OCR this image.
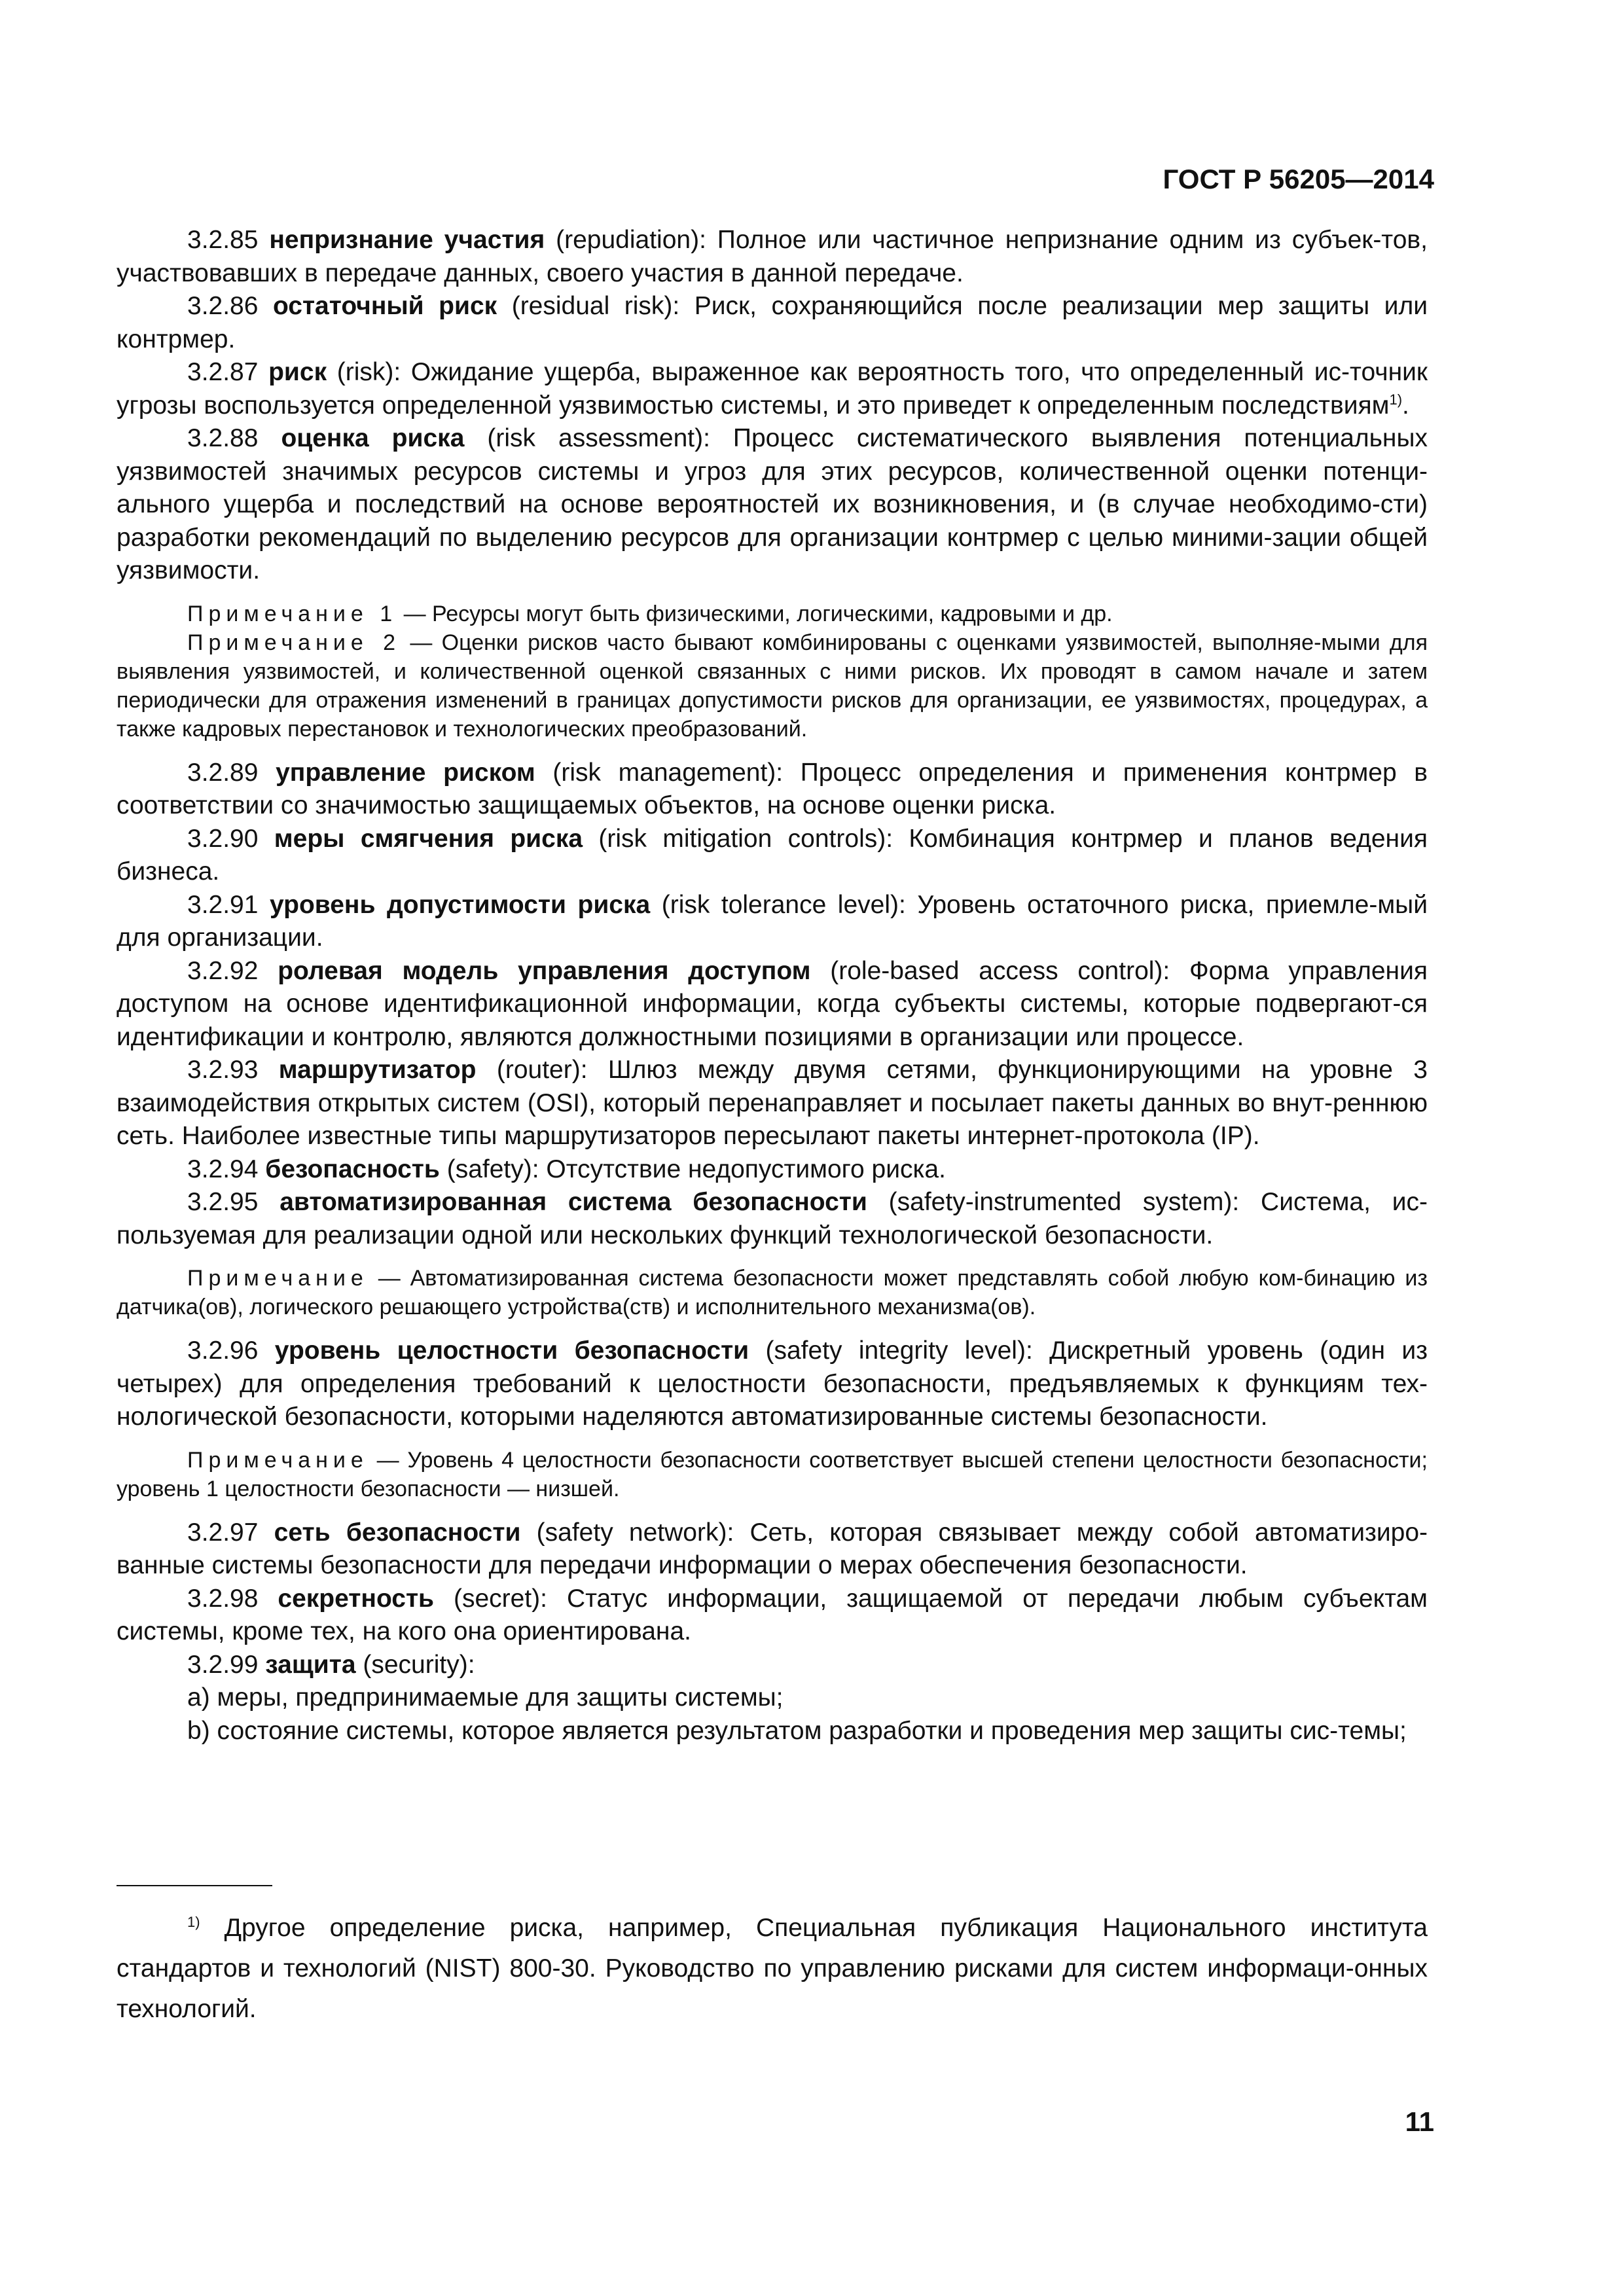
ГОСТ Р 56205—2014

3.2.85 непризнание участия (repudiation): Полное или частичное непризнание одним из субъек-тов, участвовавших в передаче данных, своего участия в данной передаче.

3.2.86 остаточный риск (residual risk): Риск, сохраняющийся после реализации мер защиты или контрмер.

3.2.87 риск (risk): Ожидание ущерба, выраженное как вероятность того, что определенный ис-точник угрозы воспользуется определенной уязвимостью системы, и это приведет к определенным последствиям$^{1)}$.

3.2.88 оценка риска (risk assessment): Процесс систематического выявления потенциальных уязвимостей значимых ресурсов системы и угроз для этих ресурсов, количественной оценки потенци-ального ущерба и последствий на основе вероятностей их возникновения, и (в случае необходимо-сти) разработки рекомендаций по выделению ресурсов для организации контрмер с целью миними-зации общей уязвимости.

Примечание 1 — Ресурсы могут быть физическими, логическими, кадровыми и др.

Примечание 2 — Оценки рисков часто бывают комбинированы с оценками уязвимостей, выполняе-мыми для выявления уязвимостей, и количественной оценкой связанных с ними рисков. Их проводят в самом начале и затем периодически для отражения изменений в границах допустимости рисков для организации, ее уязвимостях, процедурах, а также кадровых перестановок и технологических преобразований.

3.2.89 управление риском (risk management): Процесс определения и применения контрмер в соответствии со значимостью защищаемых объектов, на основе оценки риска.

3.2.90 меры смягчения риска (risk mitigation controls): Комбинация контрмер и планов ведения бизнеса.

3.2.91 уровень допустимости риска (risk tolerance level): Уровень остаточного риска, приемле-мый для организации.

3.2.92 ролевая модель управления доступом (role-based access control): Форма управления доступом на основе идентификационной информации, когда субъекты системы, которые подвергают-ся идентификации и контролю, являются должностными позициями в организации или процессе.

3.2.93 маршрутизатор (router): Шлюз между двумя сетями, функционирующими на уровне 3 взаимодействия открытых систем (OSI), который перенаправляет и посылает пакеты данных во внут-реннюю сеть. Наиболее известные типы маршрутизаторов пересылают пакеты интернет-протокола (IP).

3.2.94 безопасность (safety): Отсутствие недопустимого риска.

3.2.95 автоматизированная система безопасности (safety-instrumented system): Система, ис-пользуемая для реализации одной или нескольких функций технологической безопасности.

Примечание — Автоматизированная система безопасности может представлять собой любую ком-бинацию из датчика(ов), логического решающего устройства(ств) и исполнительного механизма(ов).

3.2.96 уровень целостности безопасности (safety integrity level): Дискретный уровень (один из четырех) для определения требований к целостности безопасности, предъявляемых к функциям тех-нологической безопасности, которыми наделяются автоматизированные системы безопасности.

Примечание — Уровень 4 целостности безопасности соответствует высшей степени целостности безопасности; уровень 1 целостности безопасности — низшей.

3.2.97 сеть безопасности (safety network): Сеть, которая связывает между собой автоматизиро-ванные системы безопасности для передачи информации о мерах обеспечения безопасности.

3.2.98 секретность (secret): Статус информации, защищаемой от передачи любым субъектам системы, кроме тех, на кого она ориентирована.

3.2.99 защита (security):

а) меры, предпринимаемые для защиты системы;

b) состояние системы, которое является результатом разработки и проведения мер защиты сис-темы;

$^{1)}$ Другое определение риска, например, Специальная публикация Национального института стандартов и технологий (NIST) 800-30. Руководство по управлению рисками для систем информаци-онных технологий.

11
